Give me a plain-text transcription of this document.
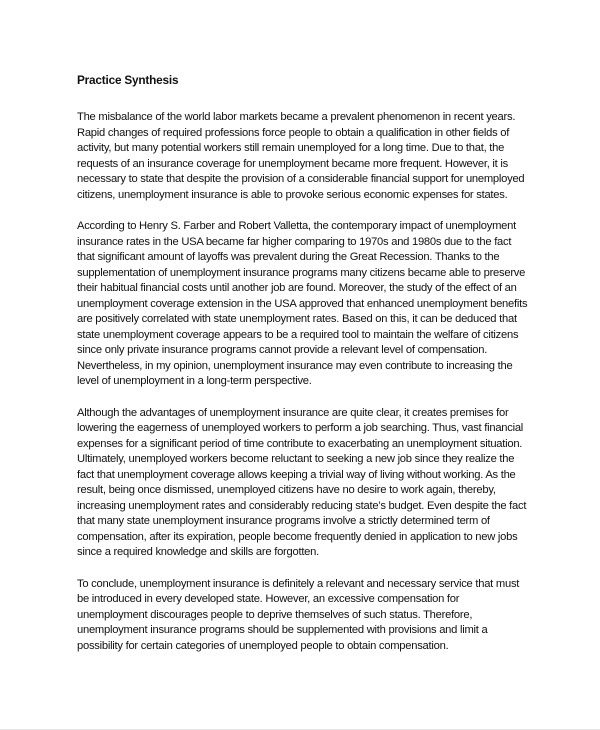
Practice Synthesis

The misbalance of the world labor markets became a prevalent phenomenon in recent years. Rapid changes of required professions force people to obtain a qualification in other fields of activity, but many potential workers still remain unemployed for a long time. Due to that, the requests of an insurance coverage for unemployment became more frequent. However, it is necessary to state that despite the provision of a considerable financial support for unemployed citizens, unemployment insurance is able to provoke serious economic expenses for states.

According to Henry S. Farber and Robert Valletta, the contemporary impact of unemployment insurance rates in the USA became far higher comparing to 1970s and 1980s due to the fact that significant amount of layoffs was prevalent during the Great Recession. Thanks to the supplementation of unemployment insurance programs many citizens became able to preserve their habitual financial costs until another job are found. Moreover, the study of the effect of an unemployment coverage extension in the USA approved that enhanced unemployment benefits are positively correlated with state unemployment rates. Based on this, it can be deduced that state unemployment coverage appears to be a required tool to maintain the welfare of citizens since only private insurance programs cannot provide a relevant level of compensation. Nevertheless, in my opinion, unemployment insurance may even contribute to increasing the level of unemployment in a long-term perspective.

Although the advantages of unemployment insurance are quite clear, it creates premises for lowering the eagerness of unemployed workers to perform a job searching. Thus, vast financial expenses for a significant period of time contribute to exacerbating an unemployment situation. Ultimately, unemployed workers become reluctant to seeking a new job since they realize the fact that unemployment coverage allows keeping a trivial way of living without working. As the result, being once dismissed, unemployed citizens have no desire to work again, thereby, increasing unemployment rates and considerably reducing state’s budget. Even despite the fact that many state unemployment insurance programs involve a strictly determined term of compensation, after its expiration, people become frequently denied in application to new jobs since a required knowledge and skills are forgotten.

To conclude, unemployment insurance is definitely a relevant and necessary service that must be introduced in every developed state. However, an excessive compensation for unemployment discourages people to deprive themselves of such status. Therefore, unemployment insurance programs should be supplemented with provisions and limit a possibility for certain categories of unemployed people to obtain compensation.
